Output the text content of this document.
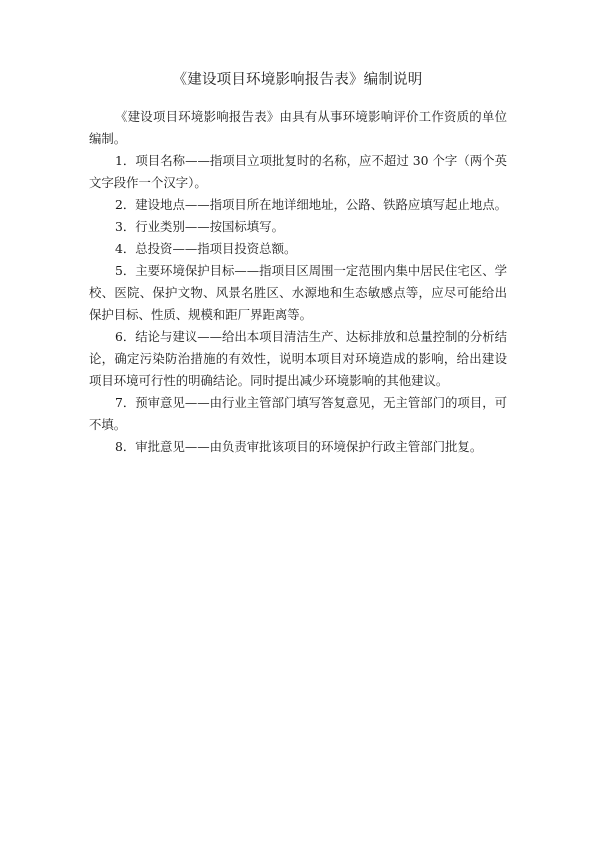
《建设项目环境影响报告表》编制说明

《建设项目环境影响报告表》由具有从事环境影响评价工作资质的单位编制。

1．项目名称——指项目立项批复时的名称，应不超过 30 个字（两个英文字段作一个汉字）。

2．建设地点——指项目所在地详细地址，公路、铁路应填写起止地点。

3．行业类别——按国标填写。

4．总投资——指项目投资总额。

5．主要环境保护目标——指项目区周围一定范围内集中居民住宅区、学校、医院、保护文物、风景名胜区、水源地和生态敏感点等，应尽可能给出保护目标、性质、规模和距厂界距离等。

6．结论与建议——给出本项目清洁生产、达标排放和总量控制的分析结论，确定污染防治措施的有效性，说明本项目对环境造成的影响，给出建设项目环境可行性的明确结论。同时提出减少环境影响的其他建议。

7．预审意见——由行业主管部门填写答复意见，无主管部门的项目，可不填。

8．审批意见——由负责审批该项目的环境保护行政主管部门批复。
